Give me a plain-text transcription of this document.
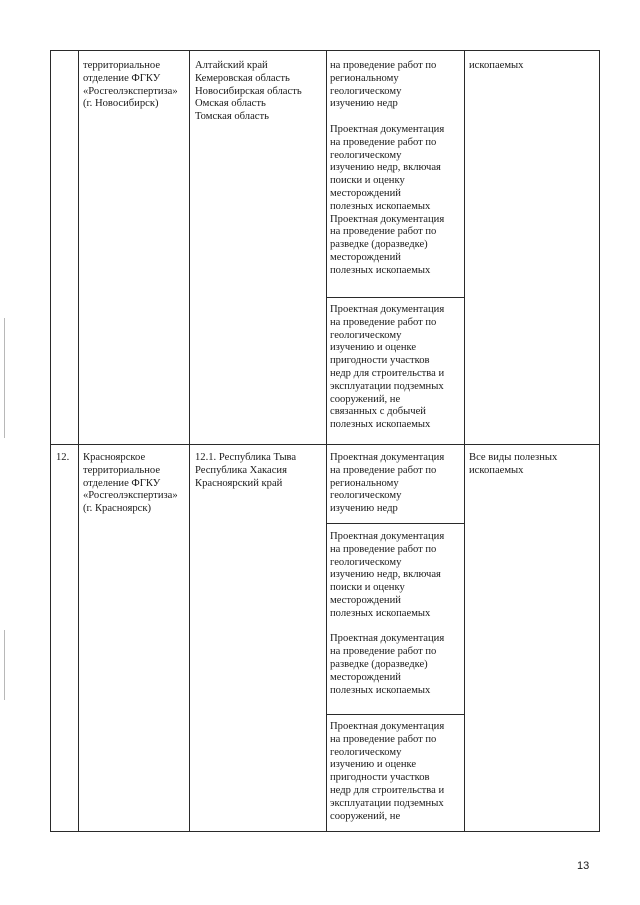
территориальное
отделение ФГКУ
«Росгеолэкспертиза»
(г. Новосибирск)
Алтайский край
Кемеровская область
Новосибирская область
Омская область
Томская область
на проведение работ по
региональному
геологическому
изучению недр

Проектная документация
на проведение работ по
геологическому
изучению недр, включая
поиски и оценку
месторождений
полезных ископаемых
Проектная документация
на проведение работ по
разведке (доразведке)
месторождений
полезных ископаемых
Проектная документация
на проведение работ по
геологическому
изучению и оценке
пригодности участков
недр для строительства и
эксплуатации подземных
сооружений, не
связанных с добычей
полезных ископаемых
ископаемых
12. Красноярское
территориальное
отделение ФГКУ
«Росгеолэкспертиза»
(г. Красноярск)
12.1. Республика Тыва
Республика Хакасия
Красноярский край
Проектная документация
на проведение работ по
региональному
геологическому
изучению недр
Проектная документация
на проведение работ по
геологическому
изучению недр, включая
поиски и оценку
месторождений
полезных ископаемых

Проектная документация
на проведение работ по
разведке (доразведке)
месторождений
полезных ископаемых
Проектная документация
на проведение работ по
геологическому
изучению и оценке
пригодности участков
недр для строительства и
эксплуатации подземных
сооружений, не
Все виды полезных
ископаемых
13
